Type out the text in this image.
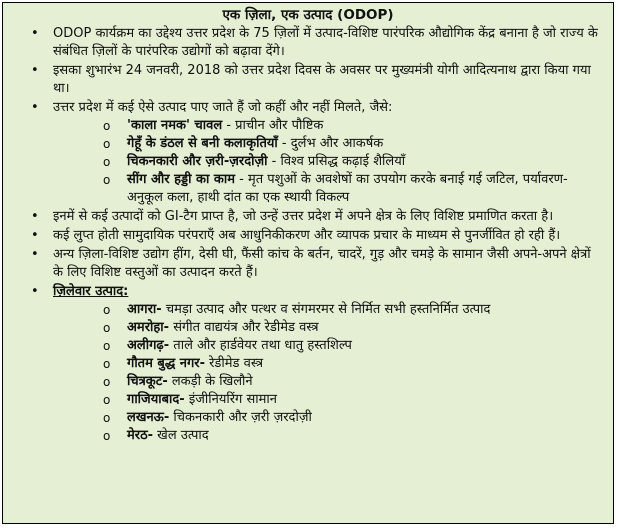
एक ज़िला, एक उत्पाद (ODOP)
• ODOP कार्यक्रम का उद्देश्य उत्तर प्रदेश के 75 ज़िलों में उत्पाद-विशिष्ट पारंपरिक औद्योगिक केंद्र बनाना है जो राज्य के संबंधित ज़िलों के पारंपरिक उद्योगों को बढ़ावा देंगे।
• इसका शुभारंभ 24 जनवरी, 2018 को उत्तर प्रदेश दिवस के अवसर पर मुख्यमंत्री योगी आदित्यनाथ द्वारा किया गया था।
• उत्तर प्रदेश में कई ऐसे उत्पाद पाए जाते हैं जो कहीं और नहीं मिलते, जैसे:
o 'काला नमक' चावल - प्राचीन और पौष्टिक
o गेहूँ के डंठल से बनी कलाकृतियाँ - दुर्लभ और आकर्षक
o चिकनकारी और ज़री-ज़रदोज़ी - विश्व प्रसिद्ध कढ़ाई शैलियाँ
o सींग और हड्डी का काम - मृत पशुओं के अवशेषों का उपयोग करके बनाई गई जटिल, पर्यावरण-अनुकूल कला, हाथी दांत का एक स्थायी विकल्प
• इनमें से कई उत्पादों को GI-टैग प्राप्त है, जो उन्हें उत्तर प्रदेश में अपने क्षेत्र के लिए विशिष्ट प्रमाणित करता है।
• कई लुप्त होती सामुदायिक परंपराएँ अब आधुनिकीकरण और व्यापक प्रचार के माध्यम से पुनर्जीवित हो रही हैं।
• अन्य ज़िला-विशिष्ट उद्योग हींग, देसी घी, फैंसी कांच के बर्तन, चादरें, गुड़ और चमड़े के सामान जैसी अपने-अपने क्षेत्रों के लिए विशिष्ट वस्तुओं का उत्पादन करते हैं।
• ज़िलेवार उत्पाद:
o आगरा- चमड़ा उत्पाद और पत्थर व संगमरमर से निर्मित सभी हस्तनिर्मित उत्पाद
o अमरोहा- संगीत वाद्ययंत्र और रेडीमेड वस्त्र
o अलीगढ़- ताले और हार्डवेयर तथा धातु हस्तशिल्प
o गौतम बुद्ध नगर- रेडीमेड वस्त्र
o चित्रकूट- लकड़ी के खिलौने
o गाजियाबाद- इंजीनियरिंग सामान
o लखनऊ- चिकनकारी और ज़री ज़रदोज़ी
o मेरठ- खेल उत्पाद
